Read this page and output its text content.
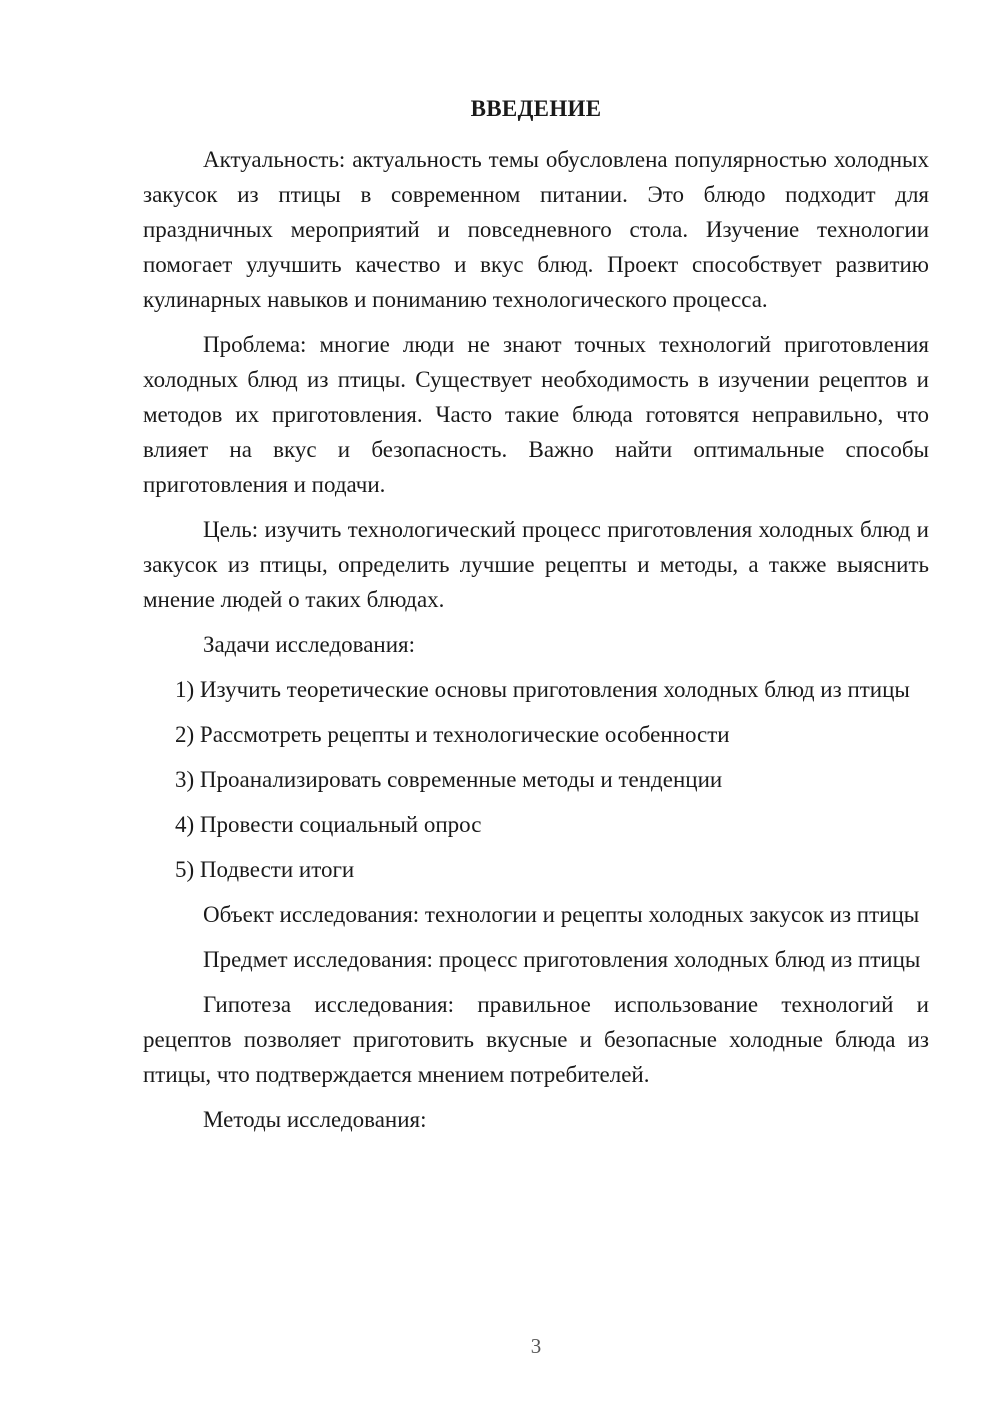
ВВЕДЕНИЕ

Актуальность: актуальность темы обусловлена популярностью холодных закусок из птицы в современном питании. Это блюдо подходит для праздничных мероприятий и повседневного стола. Изучение технологии помогает улучшить качество и вкус блюд. Проект способствует развитию кулинарных навыков и пониманию технологического процесса.

Проблема: многие люди не знают точных технологий приготовления холодных блюд из птицы. Существует необходимость в изучении рецептов и методов их приготовления. Часто такие блюда готовятся неправильно, что влияет на вкус и безопасность. Важно найти оптимальные способы приготовления и подачи.

Цель: изучить технологический процесс приготовления холодных блюд и закусок из птицы, определить лучшие рецепты и методы, а также выяснить мнение людей о таких блюдах.

Задачи исследования:

1) Изучить теоретические основы приготовления холодных блюд из птицы

2) Рассмотреть рецепты и технологические особенности

3) Проанализировать современные методы и тенденции

4) Провести социальный опрос

5) Подвести итоги

Объект исследования: технологии и рецепты холодных закусок из птицы

Предмет исследования: процесс приготовления холодных блюд из птицы

Гипотеза исследования: правильное использование технологий и рецептов позволяет приготовить вкусные и безопасные холодные блюда из птицы, что подтверждается мнением потребителей.

Методы исследования:

3
